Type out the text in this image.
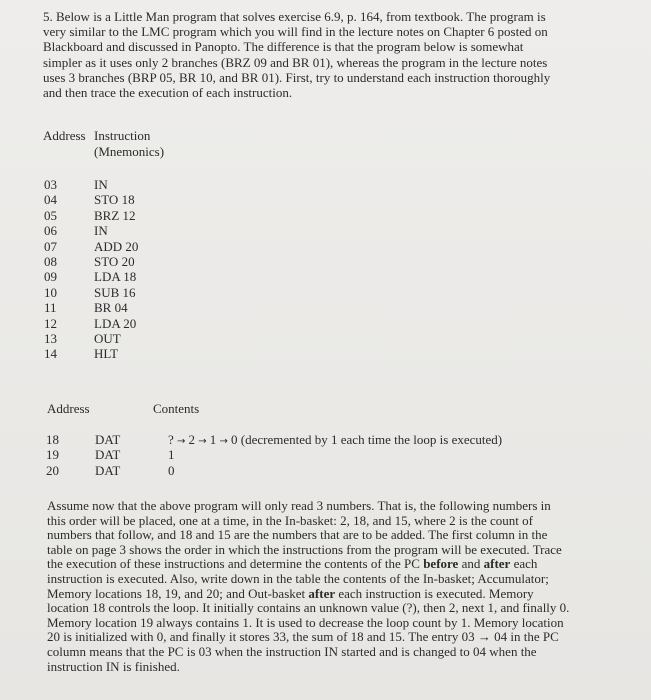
5. Below is a Little Man program that solves exercise 6.9, p. 164, from textbook. The program is

very similar to the LMC program which you will find in the lecture notes on Chapter 6 posted on

Blackboard and discussed in Panopto. The difference is that the program below is somewhat

simpler as it uses only 2 branches (BRZ 09 and BR 01), whereas the program in the lecture notes

uses 3 branches (BRP 05, BR 10, and BR 01). First, try to understand each instruction thoroughly

and then trace the execution of each instruction.

Address Instruction
(Mnemonics)
03
04
05
06
07
08
09
10
11
12
13
14
IN
STO 18
BRZ 12
IN
ADD 20
STO 20
LDA 18
SUB 16
BR 04
LDA 20
OUT
HLT
Address	Contents
18
19
20
DAT
DAT
DAT
? → 2 → 1 → 0 (decremented by 1 each time the loop is executed)
1
0

Assume now that the above program will only read 3 numbers. That is, the following numbers in

this order will be placed, one at a time, in the In-basket: 2, 18, and 15, where 2 is the count of

numbers that follow, and 18 and 15 are the numbers that are to be added. The first column in the

table on page 3 shows the order in which the instructions from the program will be executed. Trace

the execution of these instructions and determine the contents of the PC before and after each

instruction is executed. Also, write down in the table the contents of the In-basket; Accumulator;

Memory locations 18, 19, and 20; and Out-basket after each instruction is executed. Memory

location 18 controls the loop. It initially contains an unknown value (?), then 2, next 1, and finally 0.

Memory location 19 always contains 1. It is used to decrease the loop count by 1. Memory location

20 is initialized with 0, and finally it stores 33, the sum of 18 and 15. The entry 03 → 04 in the PC

column means that the PC is 03 when the instruction IN started and is changed to 04 when the

instruction IN is finished.
